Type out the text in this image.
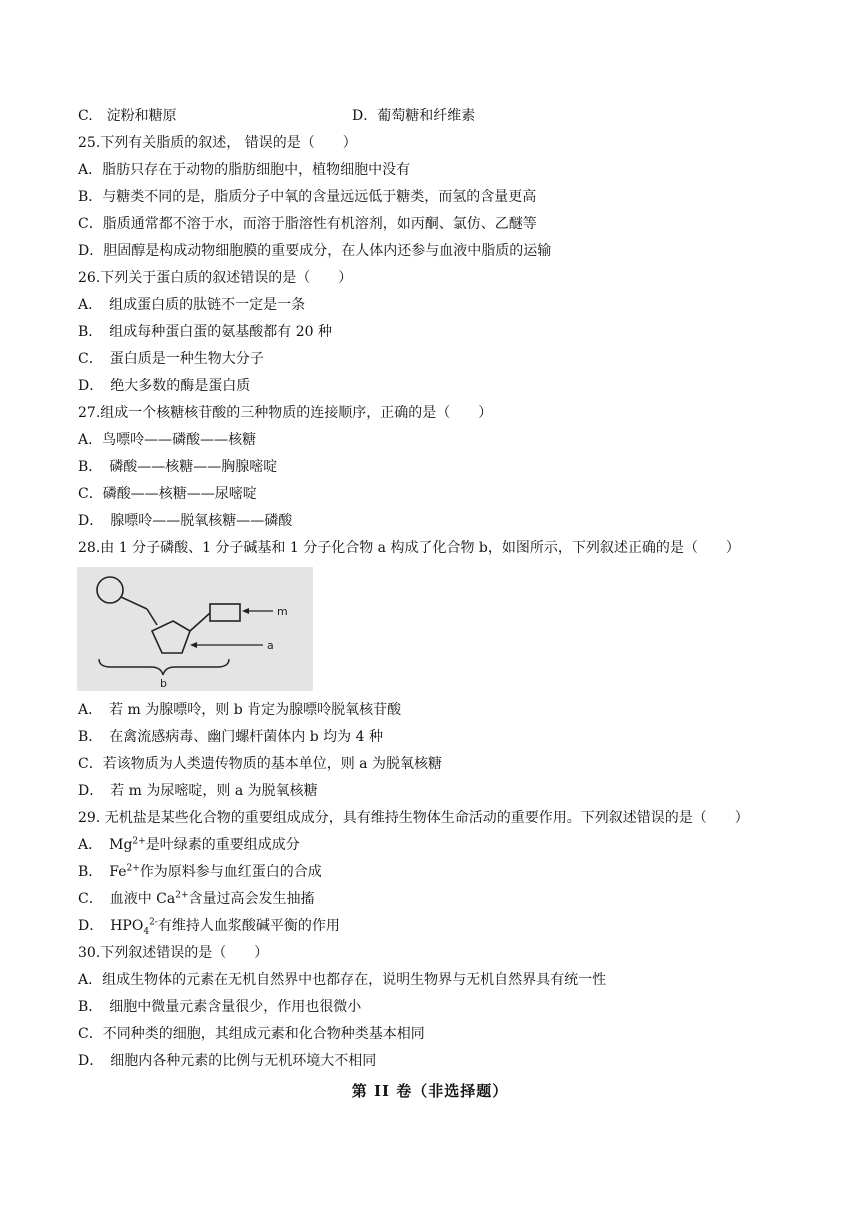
C.　淀粉和糖原	D．葡萄糖和纤维素
25.下列有关脂质的叙述， 错误的是（　　）
A．脂肪只存在于动物的脂肪细胞中，植物细胞中没有
B．与糖类不同的是，脂质分子中氧的含量远远低于糖类，而氢的含量更高
C．脂质通常都不溶于水，而溶于脂溶性有机溶剂，如丙酮、氯仿、乙醚等
D．胆固醇是构成动物细胞膜的重要成分，在人体内还参与血液中脂质的运输
26.下列关于蛋白质的叙述错误的是（　　）
A．　组成蛋白质的肽链不一定是一条
B．　组成每种蛋白蛋的氨基酸都有 20 种
C．　蛋白质是一种生物大分子
D．　绝大多数的酶是蛋白质
27.组成一个核糖核苷酸的三种物质的连接顺序，正确的是（　　）
A．鸟嘌呤——磷酸——核糖
B．　磷酸——核糖——胸腺嘧啶
C．磷酸——核糖——尿嘧啶
D．　腺嘌呤——脱氧核糖——磷酸
28.由 1 分子磷酸、1 分子碱基和 1 分子化合物 a 构成了化合物 b，如图所示，下列叙述正确的是（　　）
m
a
b
A．　若 m 为腺嘌呤，则 b 肯定为腺嘌呤脱氧核苷酸
B．　在禽流感病毒、幽门螺杆菌体内 b 均为 4 种
C．若该物质为人类遗传物质的基本单位，则 a 为脱氧核糖
D．　若 m 为尿嘧啶，则 a 为脱氧核糖
29. 无机盐是某些化合物的重要组成成分，具有维持生物体生命活动的重要作用。下列叙述错误的是（　　）
A．　$Mg^{2+}$是叶绿素的重要组成成分
B．　$Fe^{2+}$作为原料参与血红蛋白的合成
C．　血液中 $Ca^{2+}$含量过高会发生抽搐
D．　$HPO_4^{2-}$有维持人血浆酸碱平衡的作用
30.下列叙述错误的是（　　）
A．组成生物体的元素在无机自然界中也都存在，说明生物界与无机自然界具有统一性
B．　细胞中微量元素含量很少，作用也很微小
C．不同种类的细胞，其组成元素和化合物种类基本相同
D．　细胞内各种元素的比例与无机环境大不相同
第 II 卷（非选择题）
